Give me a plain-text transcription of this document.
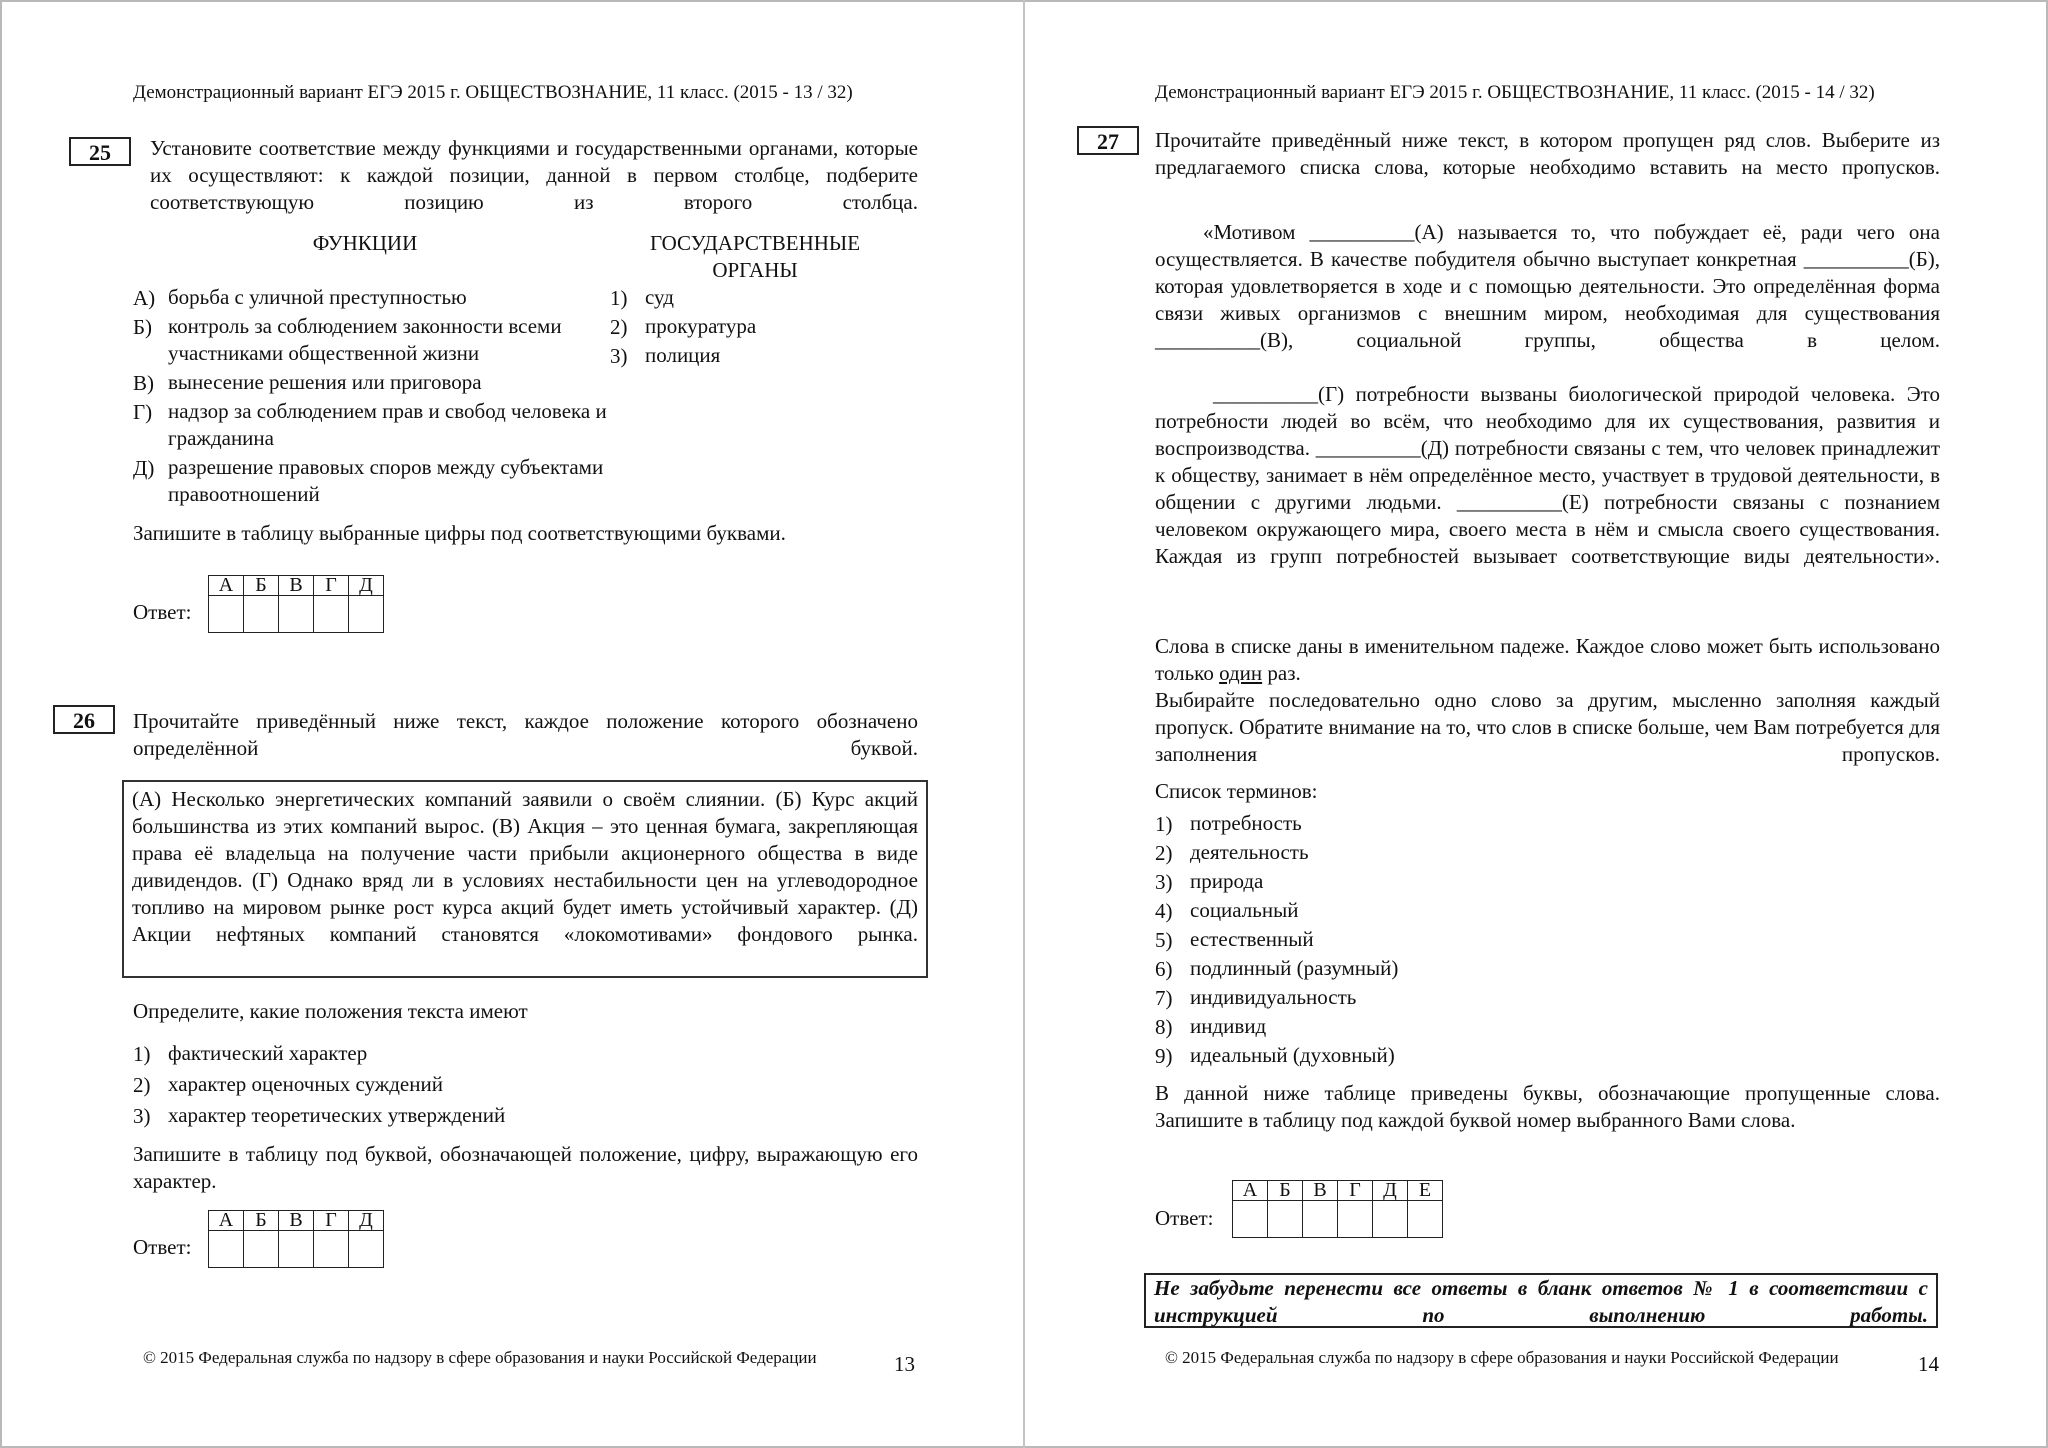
Демонстрационный вариант ЕГЭ 2015 г. ОБЩЕСТВОЗНАНИЕ, 11 класс. (2015 - 13 / 32)
25	Установите соответствие между функциями и государственными органами, которые их осуществляют: к каждой позиции, данной в первом столбце, подберите соответствующую позицию из второго столбца.
ФУНКЦИИ	ГОСУДАРСТВЕННЫЕ ОРГАНЫ
А) борьба с уличной преступностью
Б) контроль за соблюдением законности всеми участниками общественной жизни
В) вынесение решения или приговора
Г) надзор за соблюдением прав и свобод человека и гражданина
Д) разрешение правовых споров между субъектами правоотношений
1) суд
2) прокуратура
3) полиция
Запишите в таблицу выбранные цифры под соответствующими буквами.
Ответ:
А	Б	В	Г	Д

26	Прочитайте приведённый ниже текст, каждое положение которого обозначено определённой буквой.
(А) Несколько энергетических компаний заявили о своём слиянии. (Б) Курс акций большинства из этих компаний вырос. (В) Акция – это ценная бумага, закрепляющая права её владельца на получение части прибыли акционерного общества в виде дивидендов. (Г) Однако вряд ли в условиях нестабильности цен на углеводородное топливо на мировом рынке рост курса акций будет иметь устойчивый характер. (Д) Акции нефтяных компаний становятся «локомотивами» фондового рынка.
Определите, какие положения текста имеют
1) фактический характер
2) характер оценочных суждений
3) характер теоретических утверждений
Запишите в таблицу под буквой, обозначающей положение, цифру, выражающую его характер.
Ответ:
А	Б	В	Г	Д

© 2015 Федеральная служба по надзору в сфере образования и науки Российской Федерации	13
Демонстрационный вариант ЕГЭ 2015 г. ОБЩЕСТВОЗНАНИЕ, 11 класс. (2015 - 14 / 32)
27	Прочитайте приведённый ниже текст, в котором пропущен ряд слов. Выберите из предлагаемого списка слова, которые необходимо вставить на место пропусков.
«Мотивом __________(А) называется то, что побуждает её, ради чего она осуществляется. В качестве побудителя обычно выступает конкретная __________(Б), которая удовлетворяется в ходе и с помощью деятельности. Это определённая форма связи живых организмов с внешним миром, необходимая для существования __________(В), социальной группы, общества в целом.
__________(Г) потребности вызваны биологической природой человека. Это потребности людей во всём, что необходимо для их существования, развития и воспроизводства. __________(Д) потребности связаны с тем, что человек принадлежит к обществу, занимает в нём определённое место, участвует в трудовой деятельности, в общении с другими людьми. __________(Е) потребности связаны с познанием человеком окружающего мира, своего места в нём и смысла своего существования. Каждая из групп потребностей вызывает соответствующие виды деятельности».
Слова в списке даны в именительном падеже. Каждое слово может быть использовано только один раз.
Выбирайте последовательно одно слово за другим, мысленно заполняя каждый пропуск. Обратите внимание на то, что слов в списке больше, чем Вам потребуется для заполнения пропусков.
Список терминов:
1) потребность
2) деятельность
3) природа
4) социальный
5) естественный
6) подлинный (разумный)
7) индивидуальность
8) индивид
9) идеальный (духовный)
В данной ниже таблице приведены буквы, обозначающие пропущенные слова. Запишите в таблицу под каждой буквой номер выбранного Вами слова.
Ответ:
А	Б	В	Г	Д	Е

Не забудьте перенести все ответы в бланк ответов № 1 в соответствии с инструкцией по выполнению работы.
© 2015 Федеральная служба по надзору в сфере образования и науки Российской Федерации	14
